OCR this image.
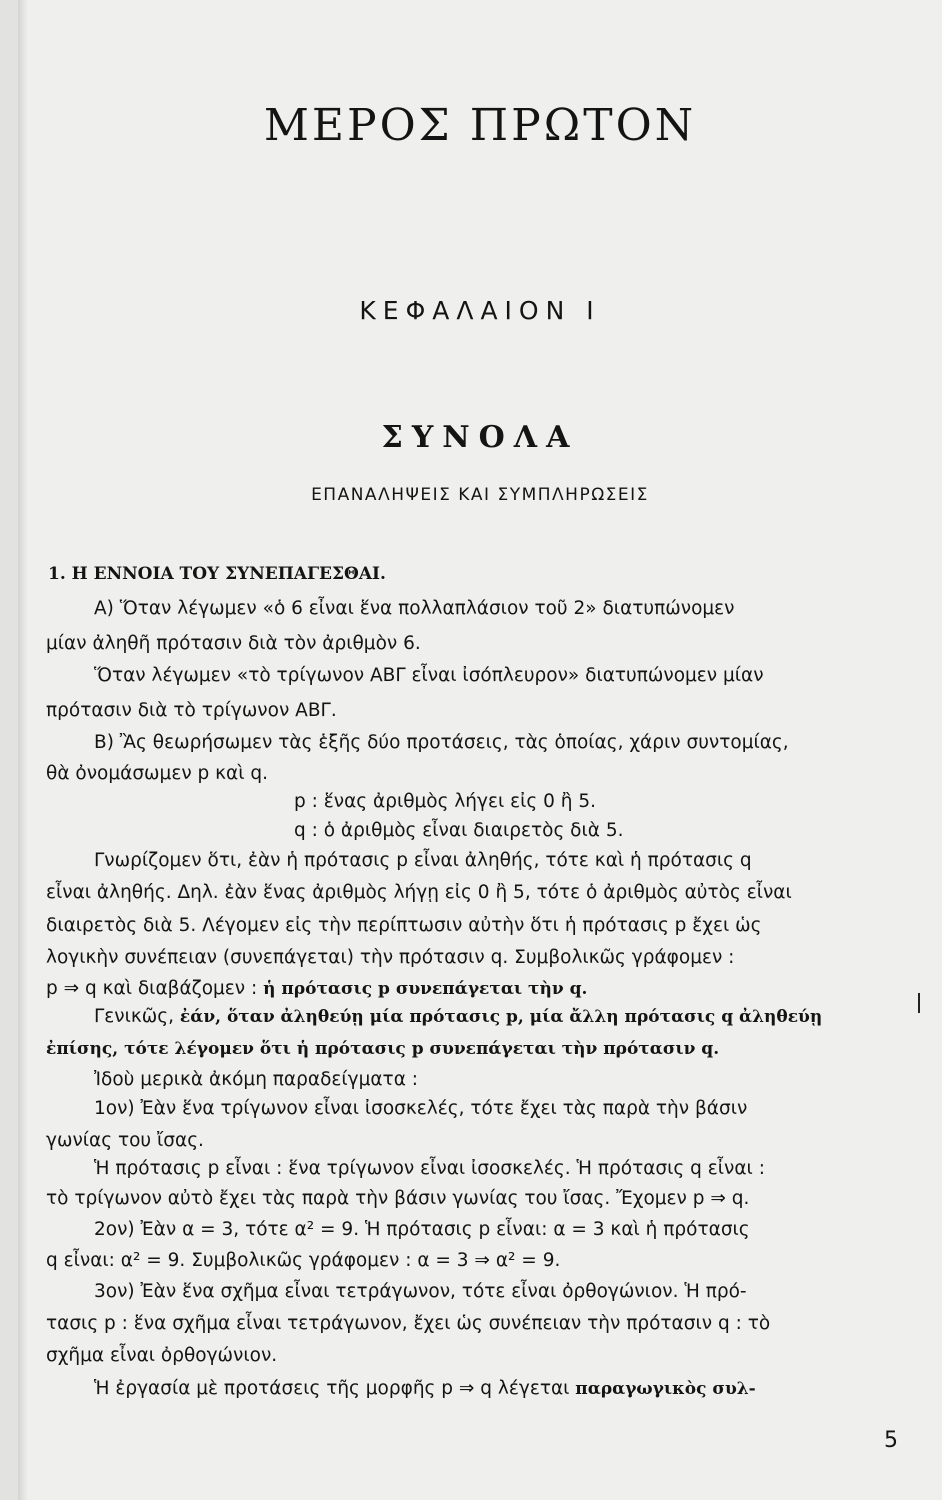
ΜΕΡΟΣ ΠΡΩΤΟΝ
ΚΕΦΑΛΑΙΟΝ Ι
ΣΥΝΟΛΑ
ΕΠΑΝΑΛΗΨΕΙΣ ΚΑΙ ΣΥΜΠΛΗΡΩΣΕΙΣ
1. Η ΕΝΝΟΙΑ ΤΟΥ ΣΥΝΕΠΑΓΕΣΘΑΙ.
Α) Ὅταν λέγωμεν «ὁ 6 εἶναι ἕνα πολλαπλάσιον τοῦ 2» διατυπώνομεν
μίαν ἀληθῆ πρότασιν διὰ τὸν ἀριθμὸν 6.
Ὅταν λέγωμεν «τὸ τρίγωνον ΑΒΓ εἶναι ἰσόπλευρον» διατυπώνομεν μίαν
πρότασιν διὰ τὸ τρίγωνον ΑΒΓ.
Β) Ἂς θεωρήσωμεν τὰς ἑξῆς δύο προτάσεις, τὰς ὁποίας, χάριν συντομίας,
θὰ ὀνομάσωμεν p καὶ q.
p : ἕνας ἀριθμὸς λήγει εἰς 0 ἢ 5.
q : ὁ ἀριθμὸς εἶναι διαιρετὸς διὰ 5.
Γνωρίζομεν ὅτι, ἐὰν ἡ πρότασις p εἶναι ἀληθής, τότε καὶ ἡ πρότασις q
εἶναι ἀληθής. Δηλ. ἐὰν ἕνας ἀριθμὸς λήγῃ εἰς 0 ἢ 5, τότε ὁ ἀριθμὸς αὐτὸς εἶναι
διαιρετὸς διὰ 5. Λέγομεν εἰς τὴν περίπτωσιν αὐτὴν ὅτι ἡ πρότασις p ἔχει ὡς
λογικὴν συνέπειαν (συνεπάγεται) τὴν πρότασιν q. Συμβολικῶς γράφομεν :
p ⇒ q καὶ διαβάζομεν : ἡ πρότασις p συνεπάγεται τὴν q.
Γενικῶς, ἐάν, ὅταν ἀληθεύῃ μία πρότασις p, μία ἄλλη πρότασις q ἀληθεύῃ
ἐπίσης, τότε λέγομεν ὅτι ἡ πρότασις p συνεπάγεται τὴν πρότασιν q.
Ἰδοὺ μερικὰ ἀκόμη παραδείγματα :
1ον) Ἐὰν ἕνα τρίγωνον εἶναι ἰσοσκελές, τότε ἔχει τὰς παρὰ τὴν βάσιν
γωνίας του ἴσας.
Ἡ πρότασις p εἶναι : ἕνα τρίγωνον εἶναι ἰσοσκελές. Ἡ πρότασις q εἶναι :
τὸ τρίγωνον αὐτὸ ἔχει τὰς παρὰ τὴν βάσιν γωνίας του ἴσας. Ἔχομεν p ⇒ q.
2ον) Ἐὰν α = 3, τότε α² = 9. Ἡ πρότασις p εἶναι: α = 3 καὶ ἡ πρότασις
q εἶναι: α² = 9. Συμβολικῶς γράφομεν : α = 3 ⇒ α² = 9.
3ον) Ἐὰν ἕνα σχῆμα εἶναι τετράγωνον, τότε εἶναι ὀρθογώνιον. Ἡ πρό-
τασις p : ἕνα σχῆμα εἶναι τετράγωνον, ἔχει ὡς συνέπειαν τὴν πρότασιν q : τὸ
σχῆμα εἶναι ὀρθογώνιον.
Ἡ ἐργασία μὲ προτάσεις τῆς μορφῆς p ⇒ q λέγεται παραγωγικὸς συλ-
5
